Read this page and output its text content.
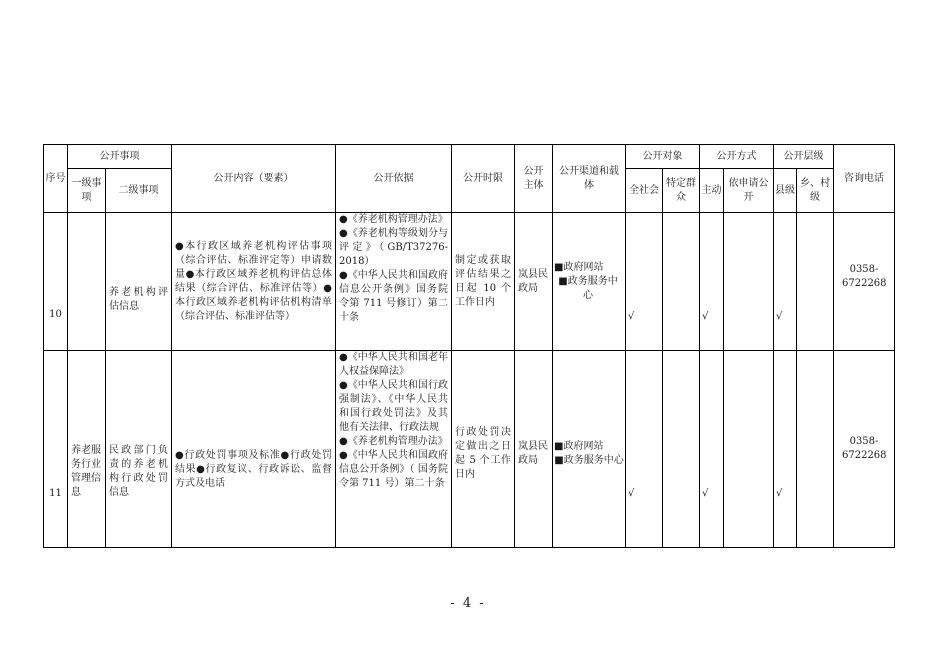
序号	公开事项		公开内容（要素）	公开依据	公开时限	公开主体	公开渠道和载体	公开对象		公开方式		公开层级		咨询电话
	一级事项	二级事项						全社会	特定群众	主动	依申请公开	县级	乡、村级	

10		养老机构评估信息	●本行政区域养老机构评估事项（综合评估、标准评定等）申请数量●本行政区域养老机构评估总体结果（综合评估、标准评估等）●本行政区域养老机构评估机构清单（综合评估、标准评估等）	●《养老机构管理办法》
●《养老机构等级划分与评定》（GB/T37276-2018）
●《中华人民共和国政府信息公开条例》国务院令第 711 号修订）第二十条	制定或获取评估结果之日起 10 个工作日内	岚县民政局	■政府网站
■政务服务中心	√		√		√		0358-6722268

11	养老服务行业管理信息	民政部门负责的养老机构行政处罚信息	●行政处罚事项及标准●行政处罚结果●行政复议、行政诉讼、监督方式及电话	●《中华人民共和国老年人权益保障法》
●《中华人民共和国行政强制法》、《中华人民共和国行政处罚法》及其他有关法律、行政法规
●《养老机构管理办法》
●《中华人民共和国政府信息公开条例》（ 国务院令第 711 号）第二十条	行政处罚决定做出之日起 5 个工作日内	岚县民政局	■政府网站
■政务服务中心	√		√		√		0358-6722268
- 4 -
